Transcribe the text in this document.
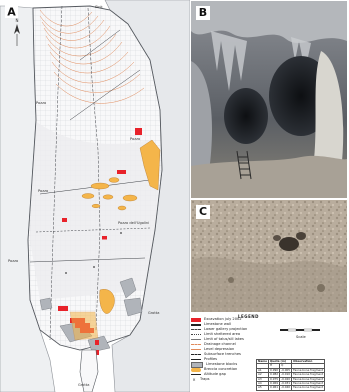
N
A	Sink
Pozzo
Pozzo
Pozzo
Pozzo
Pozzo dell'Ugolini
Grotta
Grotta
B
C
LEGEND
Excavation july 2002
Limestone wall
Lower gallery projection
Limit sheltered area
Limit of talus/sill lakes
Drainage channel
Level depression
Subsurface trenches
Profiles
Limestone blocks
Breccia concretion
Altitude gap
×	Traps
Scale
Name	Quota (m)		Observation
	H	Q	
A1	0.990	-0.005	Fauna bone fragment
A2	0.982	-0.010	Fauna bone fragment
A3	0.975	-0.020	Fauna bone fragment
A4	0.969	-0.031	Fauna bone fragment
A5	0.961	-0.040	Fauna bone fragment
